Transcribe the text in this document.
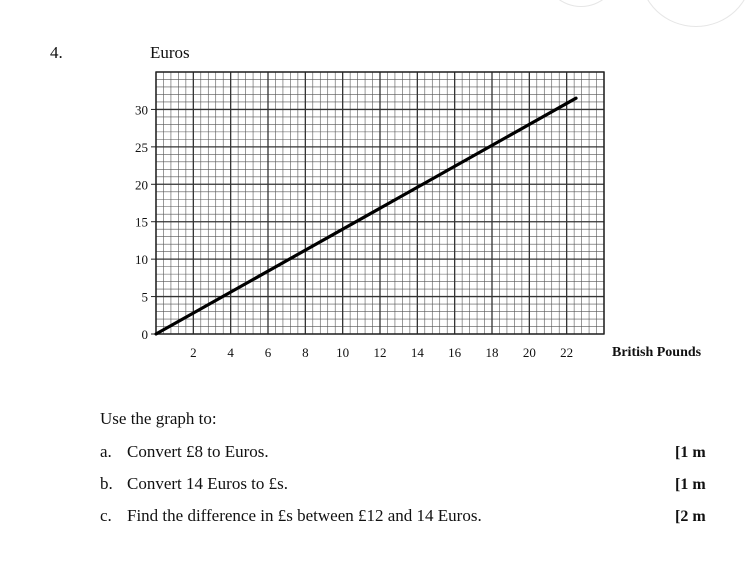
4.	Euros
0
5
10
15
20
25
30
2 4 6 8 10 12 14 16 18 20 22	British Pounds
Use the graph to:
a. Convert £8 to Euros.	[1 m
b. Convert 14 Euros to £s.	[1 m
c. Find the difference in £s between £12 and 14 Euros.	[2 m
